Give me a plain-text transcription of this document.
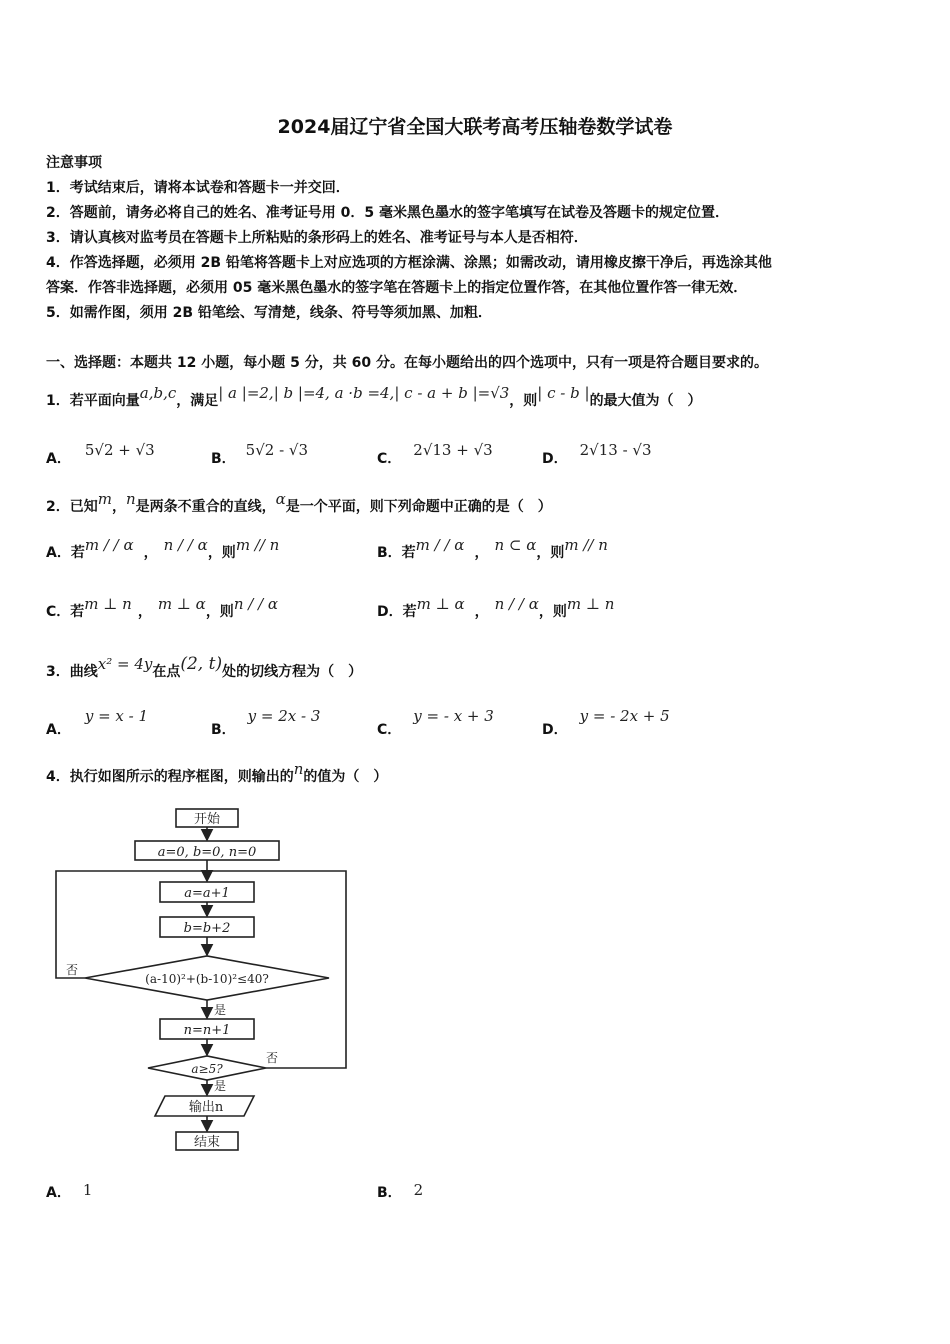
2024届辽宁省全国大联考高考压轴卷数学试卷
注意事项
1．考试结束后，请将本试卷和答题卡一并交回．
2．答题前，请务必将自己的姓名、准考证号用 0．5 毫米黑色墨水的签字笔填写在试卷及答题卡的规定位置．
3．请认真核对监考员在答题卡上所粘贴的条形码上的姓名、准考证号与本人是否相符．
4．作答选择题，必须用 2B 铅笔将答题卡上对应选项的方框涂满、涂黑；如需改动，请用橡皮擦干净后，再选涂其他
答案．作答非选择题，必须用 05 毫米黑色墨水的签字笔在答题卡上的指定位置作答，在其他位置作答一律无效．
5．如需作图，须用 2B 铅笔绘、写清楚，线条、符号等须加黑、加粗．
一、选择题：本题共 12 小题，每小题 5 分，共 60 分。在每小题给出的四个选项中，只有一项是符合题目要求的。
1．若平面向量a,b,c，满足| a |=2,| b |=4, a ·b =4,| c - a + b |=√3，则| c - b |的最大值为（　）
A． 5√2 + √3	B． 5√2 - √3	C． 2√13 + √3	D． 2√13 - √3
2．已知m，n是两条不重合的直线，α是一个平面，则下列命题中正确的是（　）
A．若m / / α ， n / / α，则m // n	B．若m / / α ， n ⊂ α，则m // n
C．若m ⊥ n ， m ⊥ α，则n / / α	D．若m ⊥ α ， n / / α，则m ⊥ n
3．曲线x² = 4y在点(2, t)处的切线方程为（　）
A．y = x - 1
B．y = 2x - 3
C．y = - x + 3
D．y = - 2x + 5
4．执行如图所示的程序框图，则输出的n的值为（　）
开始
a=0, b=0, n=0
a=a+1
b=b+2
(a-10)²+(b-10)²≤40?
否
是
n=n+1
a≥5?
否
是
输出n
结束
A． 1	B． 2
